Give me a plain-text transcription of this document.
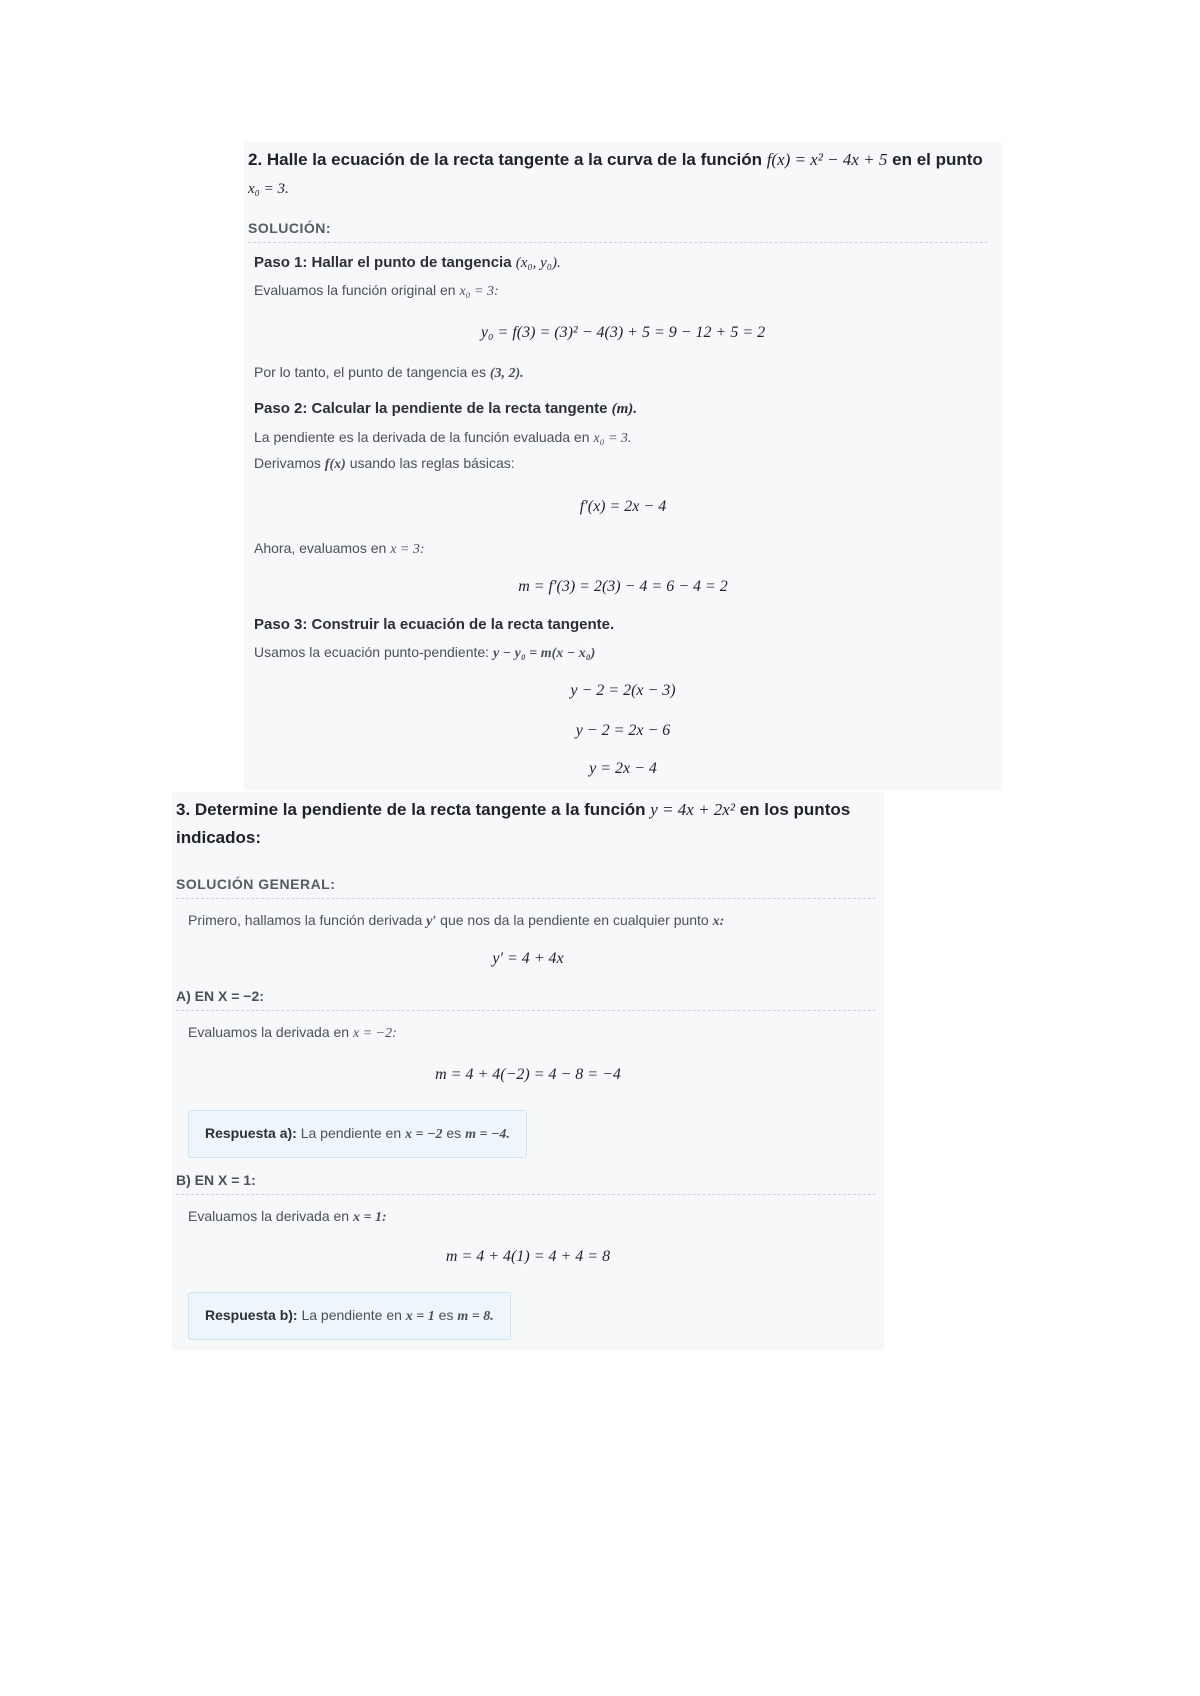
2. Halle la ecuación de la recta tangente a la curva de la función f(x) = x² − 4x + 5 en el punto
x₀ = 3.
SOLUCIÓN:
Paso 1: Hallar el punto de tangencia (x₀, y₀).
Evaluamos la función original en x₀ = 3:
y₀ = f(3) = (3)² − 4(3) + 5 = 9 − 12 + 5 = 2
Por lo tanto, el punto de tangencia es (3, 2).
Paso 2: Calcular la pendiente de la recta tangente (m).
La pendiente es la derivada de la función evaluada en x₀ = 3.
Derivamos f(x) usando las reglas básicas:
f′(x) = 2x − 4
Ahora, evaluamos en x = 3:
m = f′(3) = 2(3) − 4 = 6 − 4 = 2
Paso 3: Construir la ecuación de la recta tangente.
Usamos la ecuación punto-pendiente: y − y₀ = m(x − x₀)
y − 2 = 2(x − 3)
y − 2 = 2x − 6
y = 2x − 4
3. Determine la pendiente de la recta tangente a la función y = 4x + 2x² en los puntos
indicados:
SOLUCIÓN GENERAL:
Primero, hallamos la función derivada y′ que nos da la pendiente en cualquier punto x:
y′ = 4 + 4x
A) EN X = −2:
Evaluamos la derivada en x = −2:
m = 4 + 4(−2) = 4 − 8 = −4
Respuesta a): La pendiente en x = −2 es m = −4.
B) EN X = 1:
Evaluamos la derivada en x = 1:
m = 4 + 4(1) = 4 + 4 = 8
Respuesta b): La pendiente en x = 1 es m = 8.
